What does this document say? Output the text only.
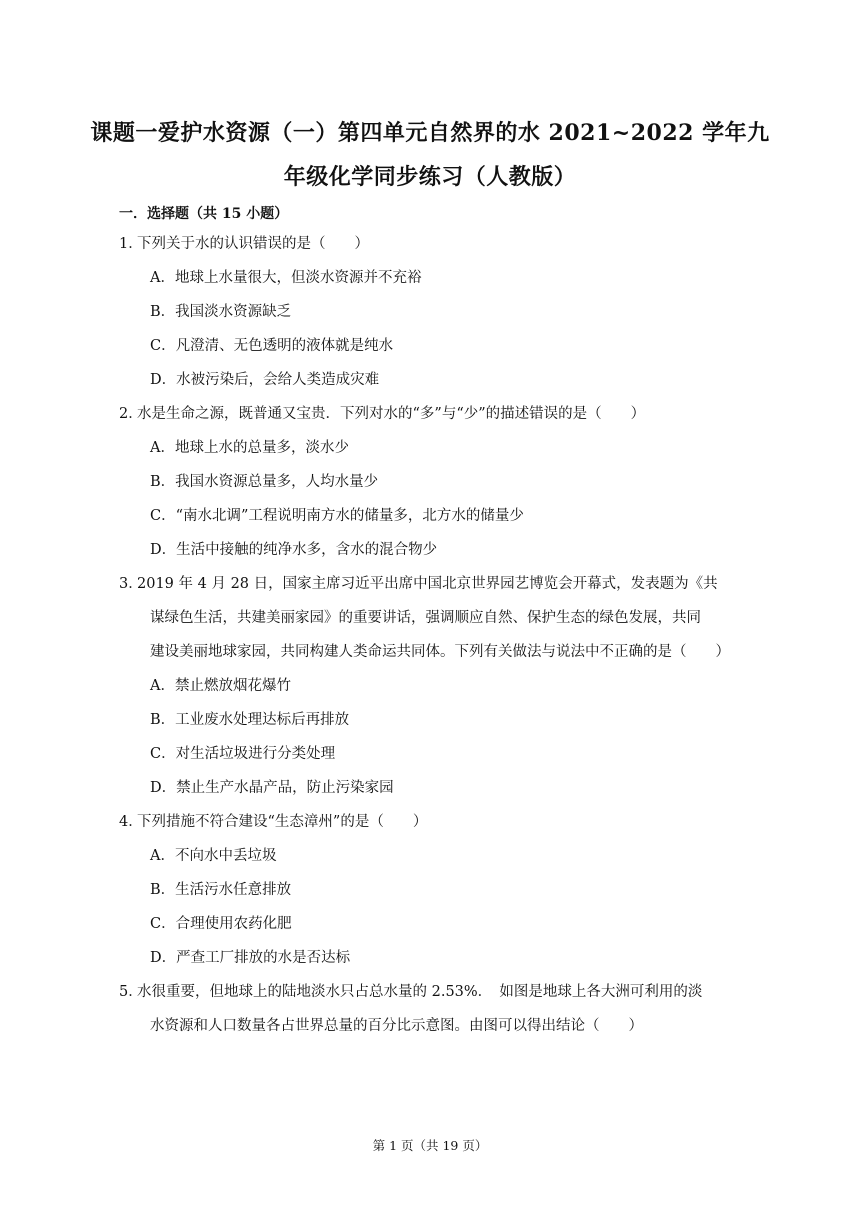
课题一爱护水资源（一）第四单元自然界的水 2021~2022 学年九
年级化学同步练习（人教版）
一．选择题（共 15 小题）
1．
下列关于水的认识错误的是（　　）
A．地球上水量很大，但淡水资源并不充裕
B．我国淡水资源缺乏
C．凡澄清、无色透明的液体就是纯水
D．水被污染后，会给人类造成灾难
2．
水是生命之源，既普通又宝贵．下列对水的“多”与“少”的描述错误的是（　　）
A．地球上水的总量多，淡水少
B．我国水资源总量多，人均水量少
C．“南水北调”工程说明南方水的储量多，北方水的储量少
D．生活中接触的纯净水多，含水的混合物少
3．
2019 年 4 月 28 日，国家主席习近平出席中国北京世界园艺博览会开幕式，发表题为《共
谋绿色生活，共建美丽家园》的重要讲话，强调顺应自然、保护生态的绿色发展，共同
建设美丽地球家园，共同构建人类命运共同体。下列有关做法与说法中不正确的是（　　）
A．禁止燃放烟花爆竹
B．工业废水处理达标后再排放
C．对生活垃圾进行分类处理
D．禁止生产水晶产品，防止污染家园
4．
下列措施不符合建设“生态漳州”的是（　　）
A．不向水中丢垃圾
B．生活污水任意排放
C．合理使用农药化肥
D．严查工厂排放的水是否达标
5．
水很重要，但地球上的陆地淡水只占总水量的 2.53%．　如图是地球上各大洲可利用的淡
水资源和人口数量各占世界总量的百分比示意图。由图可以得出结论（　　）
第 1 页（共 19 页）
